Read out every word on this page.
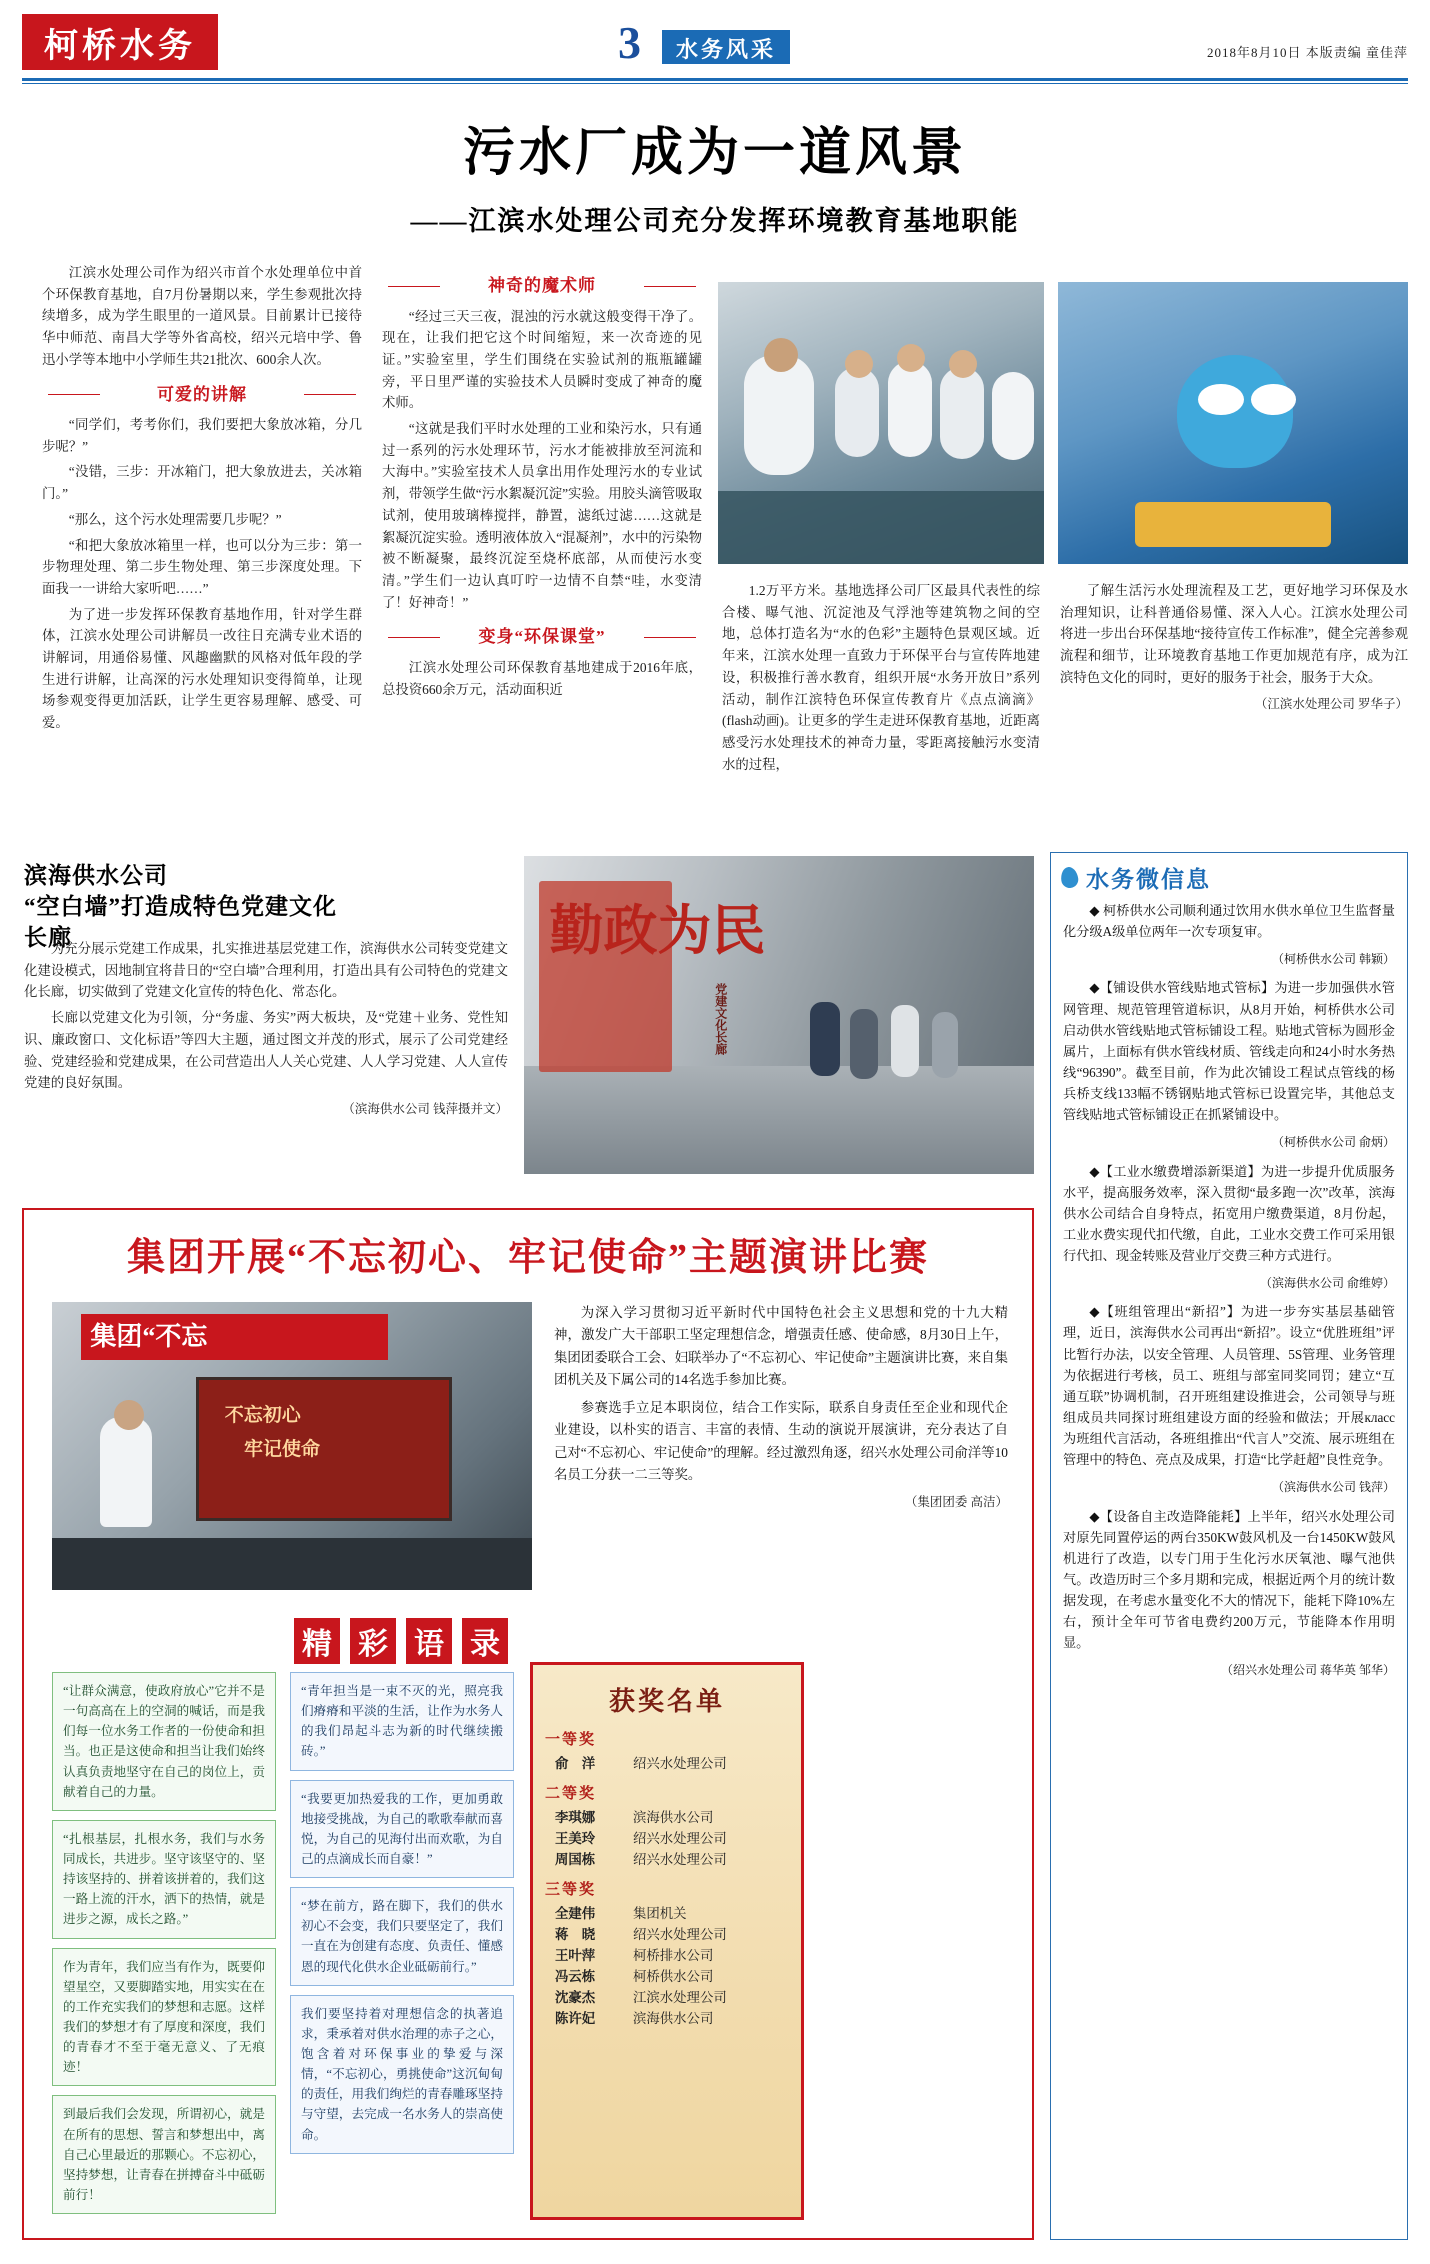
柯桥水务	3	水务风采	2018年8月10日 本版责编 童佳萍
污水厂成为一道风景
——江滨水处理公司充分发挥环境教育基地职能

江滨水处理公司作为绍兴市首个水处理单位中首个环保教育基地，自7月份暑期以来，学生参观批次持续增多，成为学生眼里的一道风景。目前累计已接待华中师范、南昌大学等外省高校，绍兴元培中学、鲁迅小学等本地中小学师生共21批次、600余人次。

可爱的讲解

“同学们，考考你们，我们要把大象放冰箱，分几步呢？”

“没错，三步：开冰箱门，把大象放进去，关冰箱门。”

“那么，这个污水处理需要几步呢？”

“和把大象放冰箱里一样，也可以分为三步：第一步物理处理、第二步生物处理、第三步深度处理。下面我一一讲给大家听吧……”

为了进一步发挥环保教育基地作用，针对学生群体，江滨水处理公司讲解员一改往日充满专业术语的讲解词，用通俗易懂、风趣幽默的风格对低年段的学生进行讲解，让高深的污水处理知识变得简单，让现场参观变得更加活跃，让学生更容易理解、感受、可爱。

神奇的魔术师

“经过三天三夜，混浊的污水就这般变得干净了。现在，让我们把它这个时间缩短，来一次奇迹的见证。”实验室里，学生们围绕在实验试剂的瓶瓶罐罐旁，平日里严谨的实验技术人员瞬时变成了神奇的魔术师。

“这就是我们平时水处理的工业和染污水，只有通过一系列的污水处理环节，污水才能被排放至河流和大海中。”实验室技术人员拿出用作处理污水的专业试剂，带领学生做“污水絮凝沉淀”实验。用胶头滴管吸取试剂，使用玻璃棒搅拌，静置，滤纸过滤……这就是絮凝沉淀实验。透明液体放入“混凝剂”，水中的污染物被不断凝聚，最终沉淀至烧杯底部，从而使污水变清。”学生们一边认真叮咛一边情不自禁“哇，水变清了！好神奇！”

变身“环保课堂”

江滨水处理公司环保教育基地建成于2016年底，总投资660余万元，活动面积近

1.2万平方米。基地选择公司厂区最具代表性的综合楼、曝气池、沉淀池及气浮池等建筑物之间的空地，总体打造名为“水的色彩”主题特色景观区域。近年来，江滨水处理一直致力于环保平台与宣传阵地建设，积极推行善水教育，组织开展“水务开放日”系列活动，制作江滨特色环保宣传教育片《点点滴滴》(flash动画)。让更多的学生走进环保教育基地，近距离感受污水处理技术的神奇力量，零距离接触污水变清水的过程，

了解生活污水处理流程及工艺，更好地学习环保及水治理知识，让科普通俗易懂、深入人心。江滨水处理公司将进一步出台环保基地“接待宣传工作标准”，健全完善参观流程和细节，让环境教育基地工作更加规范有序，成为江滨特色文化的同时，更好的服务于社会，服务于大众。

（江滨水处理公司 罗华子）
滨海供水公司
“空白墙”打造成特色党建文化长廊

为充分展示党建工作成果，扎实推进基层党建工作，滨海供水公司转变党建文化建设模式，因地制宜将昔日的“空白墙”合理利用，打造出具有公司特色的党建文化长廊，切实做到了党建文化宣传的特色化、常态化。

长廊以党建文化为引领，分“务虚、务实”两大板块，及“党建＋业务、党性知识、廉政窗口、文化标语”等四大主题，通过图文并茂的形式，展示了公司党建经验、党建经验和党建成果，在公司营造出人人关心党建、人人学习党建、人人宣传党建的良好氛围。

（滨海供水公司 钱萍摄并文）
勤政为民
党建文化长廊
水务微信息

◆ 柯桥供水公司顺利通过饮用水供水单位卫生监督量化分级A级单位两年一次专项复审。

（柯桥供水公司 韩颖）

◆【铺设供水管线贴地式管标】为进一步加强供水管网管理、规范管理管道标识，从8月开始，柯桥供水公司启动供水管线贴地式管标铺设工程。贴地式管标为圆形金属片，上面标有供水管线材质、管线走向和24小时水务热线“96390”。截至目前，作为此次铺设工程试点管线的杨兵桥支线133幅不锈钢贴地式管标已设置完毕，其他总支管线贴地式管标铺设正在抓紧铺设中。

（柯桥供水公司 俞炳）

◆【工业水缴费增添新渠道】为进一步提升优质服务水平，提高服务效率，深入贯彻“最多跑一次”改革，滨海供水公司结合自身特点，拓宽用户缴费渠道，8月份起，工业水费实现代扣代缴，自此，工业水交费工作可采用银行代扣、现金转账及营业厅交费三种方式进行。

（滨海供水公司 俞维婷）

◆【班组管理出“新招”】为进一步夯实基层基础管理，近日，滨海供水公司再出“新招”。设立“优胜班组”评比暂行办法，以安全管理、人员管理、5S管理、业务管理为依据进行考核，员工、班组与部室同奖同罚；建立“互通互联”协调机制，召开班组建设推进会，公司领导与班组成员共同探讨班组建设方面的经验和做法；开展класс为班组代言活动，各班组推出“代言人”交流、展示班组在管理中的特色、亮点及成果，打造“比学赶超”良性竞争。

（滨海供水公司 钱萍）

◆【设备自主改造降能耗】上半年，绍兴水处理公司对原先同置停运的两台350KW鼓风机及一台1450KW鼓风机进行了改造，以专门用于生化污水厌氧池、曝气池供气。改造历时三个多月期和完成，根据近两个月的统计数据发现，在考虑水量变化不大的情况下，能耗下降10%左右，预计全年可节省电费约200万元，节能降本作用明显。

（绍兴水处理公司 蒋华英 邹华）

集团开展“不忘初心、牢记使命”主题演讲比赛
集团“不忘
不忘初心
牢记使命

为深入学习贯彻习近平新时代中国特色社会主义思想和党的十九大精神，激发广大干部职工坚定理想信念，增强责任感、使命感，8月30日上午，集团团委联合工会、妇联举办了“不忘初心、牢记使命”主题演讲比赛，来自集团机关及下属公司的14名选手参加比赛。

参赛选手立足本职岗位，结合工作实际，联系自身责任至企业和现代企业建设，以朴实的语言、丰富的表情、生动的演说开展演讲，充分表达了自己对“不忘初心、牢记使命”的理解。经过激烈角逐，绍兴水处理公司俞洋等10名员工分获一二三等奖。

（集团团委 高洁）
精 彩 语 录
“让群众满意，使政府放心”它并不是一句高高在上的空洞的喊话，而是我们每一位水务工作者的一份使命和担当。也正是这使命和担当让我们始终认真负责地坚守在自己的岗位上，贡献着自己的力量。
“扎根基层，扎根水务，我们与水务同成长，共进步。坚守该坚守的、坚持该坚持的、拼着该拼着的，我们这一路上流的汗水，洒下的热情，就是进步之源，成长之路。”
作为青年，我们应当有作为，既要仰望星空，又要脚踏实地，用实实在在的工作充实我们的梦想和志愿。这样我们的梦想才有了厚度和深度，我们的青春才不至于毫无意义、了无痕迹！
到最后我们会发现，所谓初心，就是在所有的思想、誓言和梦想出中，离自己心里最近的那颗心。不忘初心，坚持梦想，让青春在拼搏奋斗中砥砺前行！
“青年担当是一束不灭的光，照亮我们瘠瘠和平淡的生活，让作为水务人的我们昂起斗志为新的时代继续搬砖。”
“我要更加热爱我的工作，更加勇敢地接受挑战，为自己的歌歌奉献而喜悦，为自己的见海付出而欢歌，为自己的点滴成长而自豪！”
“梦在前方，路在脚下，我们的供水初心不会变，我们只要坚定了，我们一直在为创建有态度、负责任、懂感恩的现代化供水企业砥砺前行。”
我们要坚持着对理想信念的执著追求，秉承着对供水治理的赤子之心，饱含着对环保事业的挚爱与深情，“不忘初心，勇挑使命”这沉甸甸的责任，用我们绚烂的青春雕琢坚持与守望，去完成一名水务人的崇高使命。
获奖名单
一等奖
俞　洋	绍兴水处理公司
二等奖
李琪娜	滨海供水公司
王美玲	绍兴水处理公司
周国栋	绍兴水处理公司
三等奖
全建伟	集团机关
蒋　晓	绍兴水处理公司
王叶萍	柯桥排水公司
冯云栋	柯桥供水公司
沈豪杰	江滨水处理公司
陈许妃	滨海供水公司
